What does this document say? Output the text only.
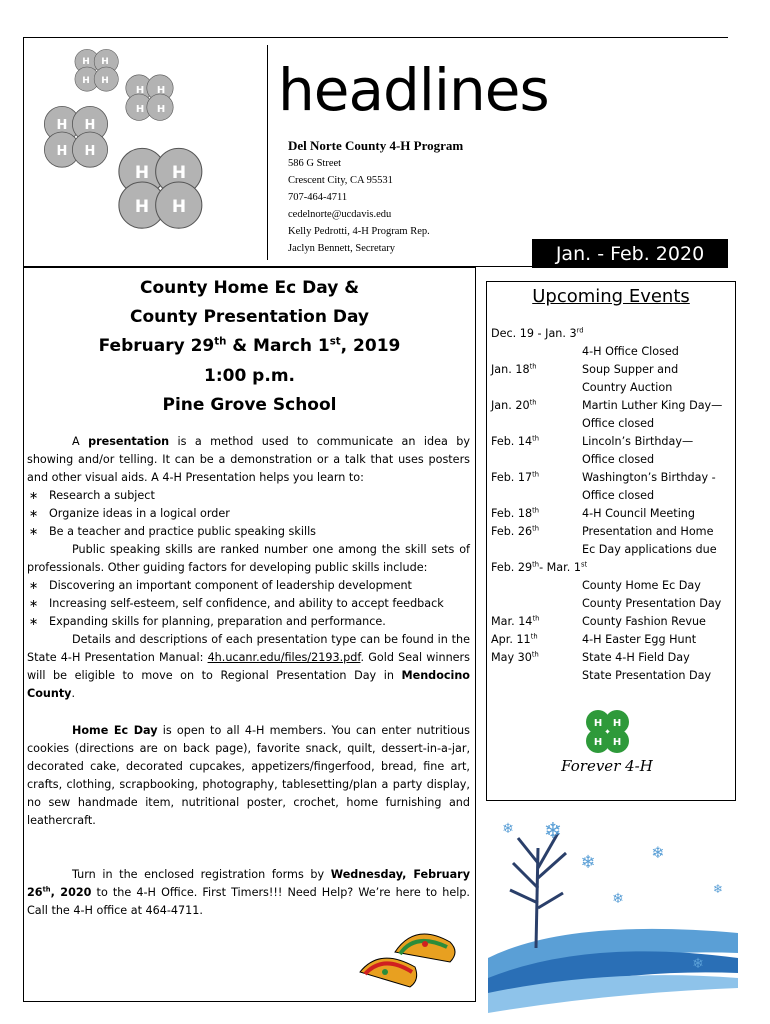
H H
H H
H H
H H
H H
H H
H H
H H
headlines
Del Norte County 4-H Program
586 G Street
Crescent City, CA 95531
707-464-4711
cedelnorte@ucdavis.edu
Kelly Pedrotti, 4-H Program Rep.
Jaclyn Bennett, Secretary	Jan. - Feb. 2020
County Home Ec Day &
County Presentation Day
February 29th & March 1st, 2019
1:00 p.m.
Pine Grove School
A presentation is a method used to communicate an idea by showing and/or telling. It can be a demonstration or a talk that uses posters and other visual aids. A 4-H Presentation helps you learn to:
∗ Research a subject
∗ Organize ideas in a logical order
∗ Be a teacher and practice public speaking skills
Public speaking skills are ranked number one among the skill sets of professionals. Other guiding factors for developing public skills include:
∗ Discovering an important component of leadership development
∗ Increasing self-esteem, self confidence, and ability to accept feedback
∗ Expanding skills for planning, preparation and performance.
Details and descriptions of each presentation type can be found in the State 4-H Presentation Manual: 4h.ucanr.edu/files/2193.pdf. Gold Seal winners will be eligible to move on to Regional Presentation Day in Mendocino County.
Home Ec Day is open to all 4-H members. You can enter nutritious cookies (directions are on back page), favorite snack, quilt, dessert-in-a-jar, decorated cake, decorated cupcakes, appetizers/fingerfood, bread, fine art, crafts, clothing, scrapbooking, photography, tablesetting/plan a party display, no sew handmade item, nutritional poster, crochet, home furnishing and leathercraft.
Turn in the enclosed registration forms by Wednesday, February 26th, 2020 to the 4-H Office. First Timers!!! Need Help? We’re here to help. Call the 4-H office at 464-4711.
Upcoming Events
H H
H H
Forever 4-H
❄
❄
❄
❄
❄
❄
❄
Dec. 19 - Jan. 3rd
4-H Office Closed
Jan. 18th	Soup Supper and
Country Auction
Jan. 20th	Martin Luther King Day—
Office closed
Feb. 14th	Lincoln’s Birthday—
Office closed
Feb. 17th	Washington’s Birthday -
Office closed
Feb. 18th	4-H Council Meeting
Feb. 26th	Presentation and Home
Ec Day applications due
Feb. 29th- Mar. 1st
County Home Ec Day
County Presentation Day
Mar. 14th	County Fashion Revue
Apr. 11th	4-H Easter Egg Hunt
May 30th	State 4-H Field Day
State Presentation Day
